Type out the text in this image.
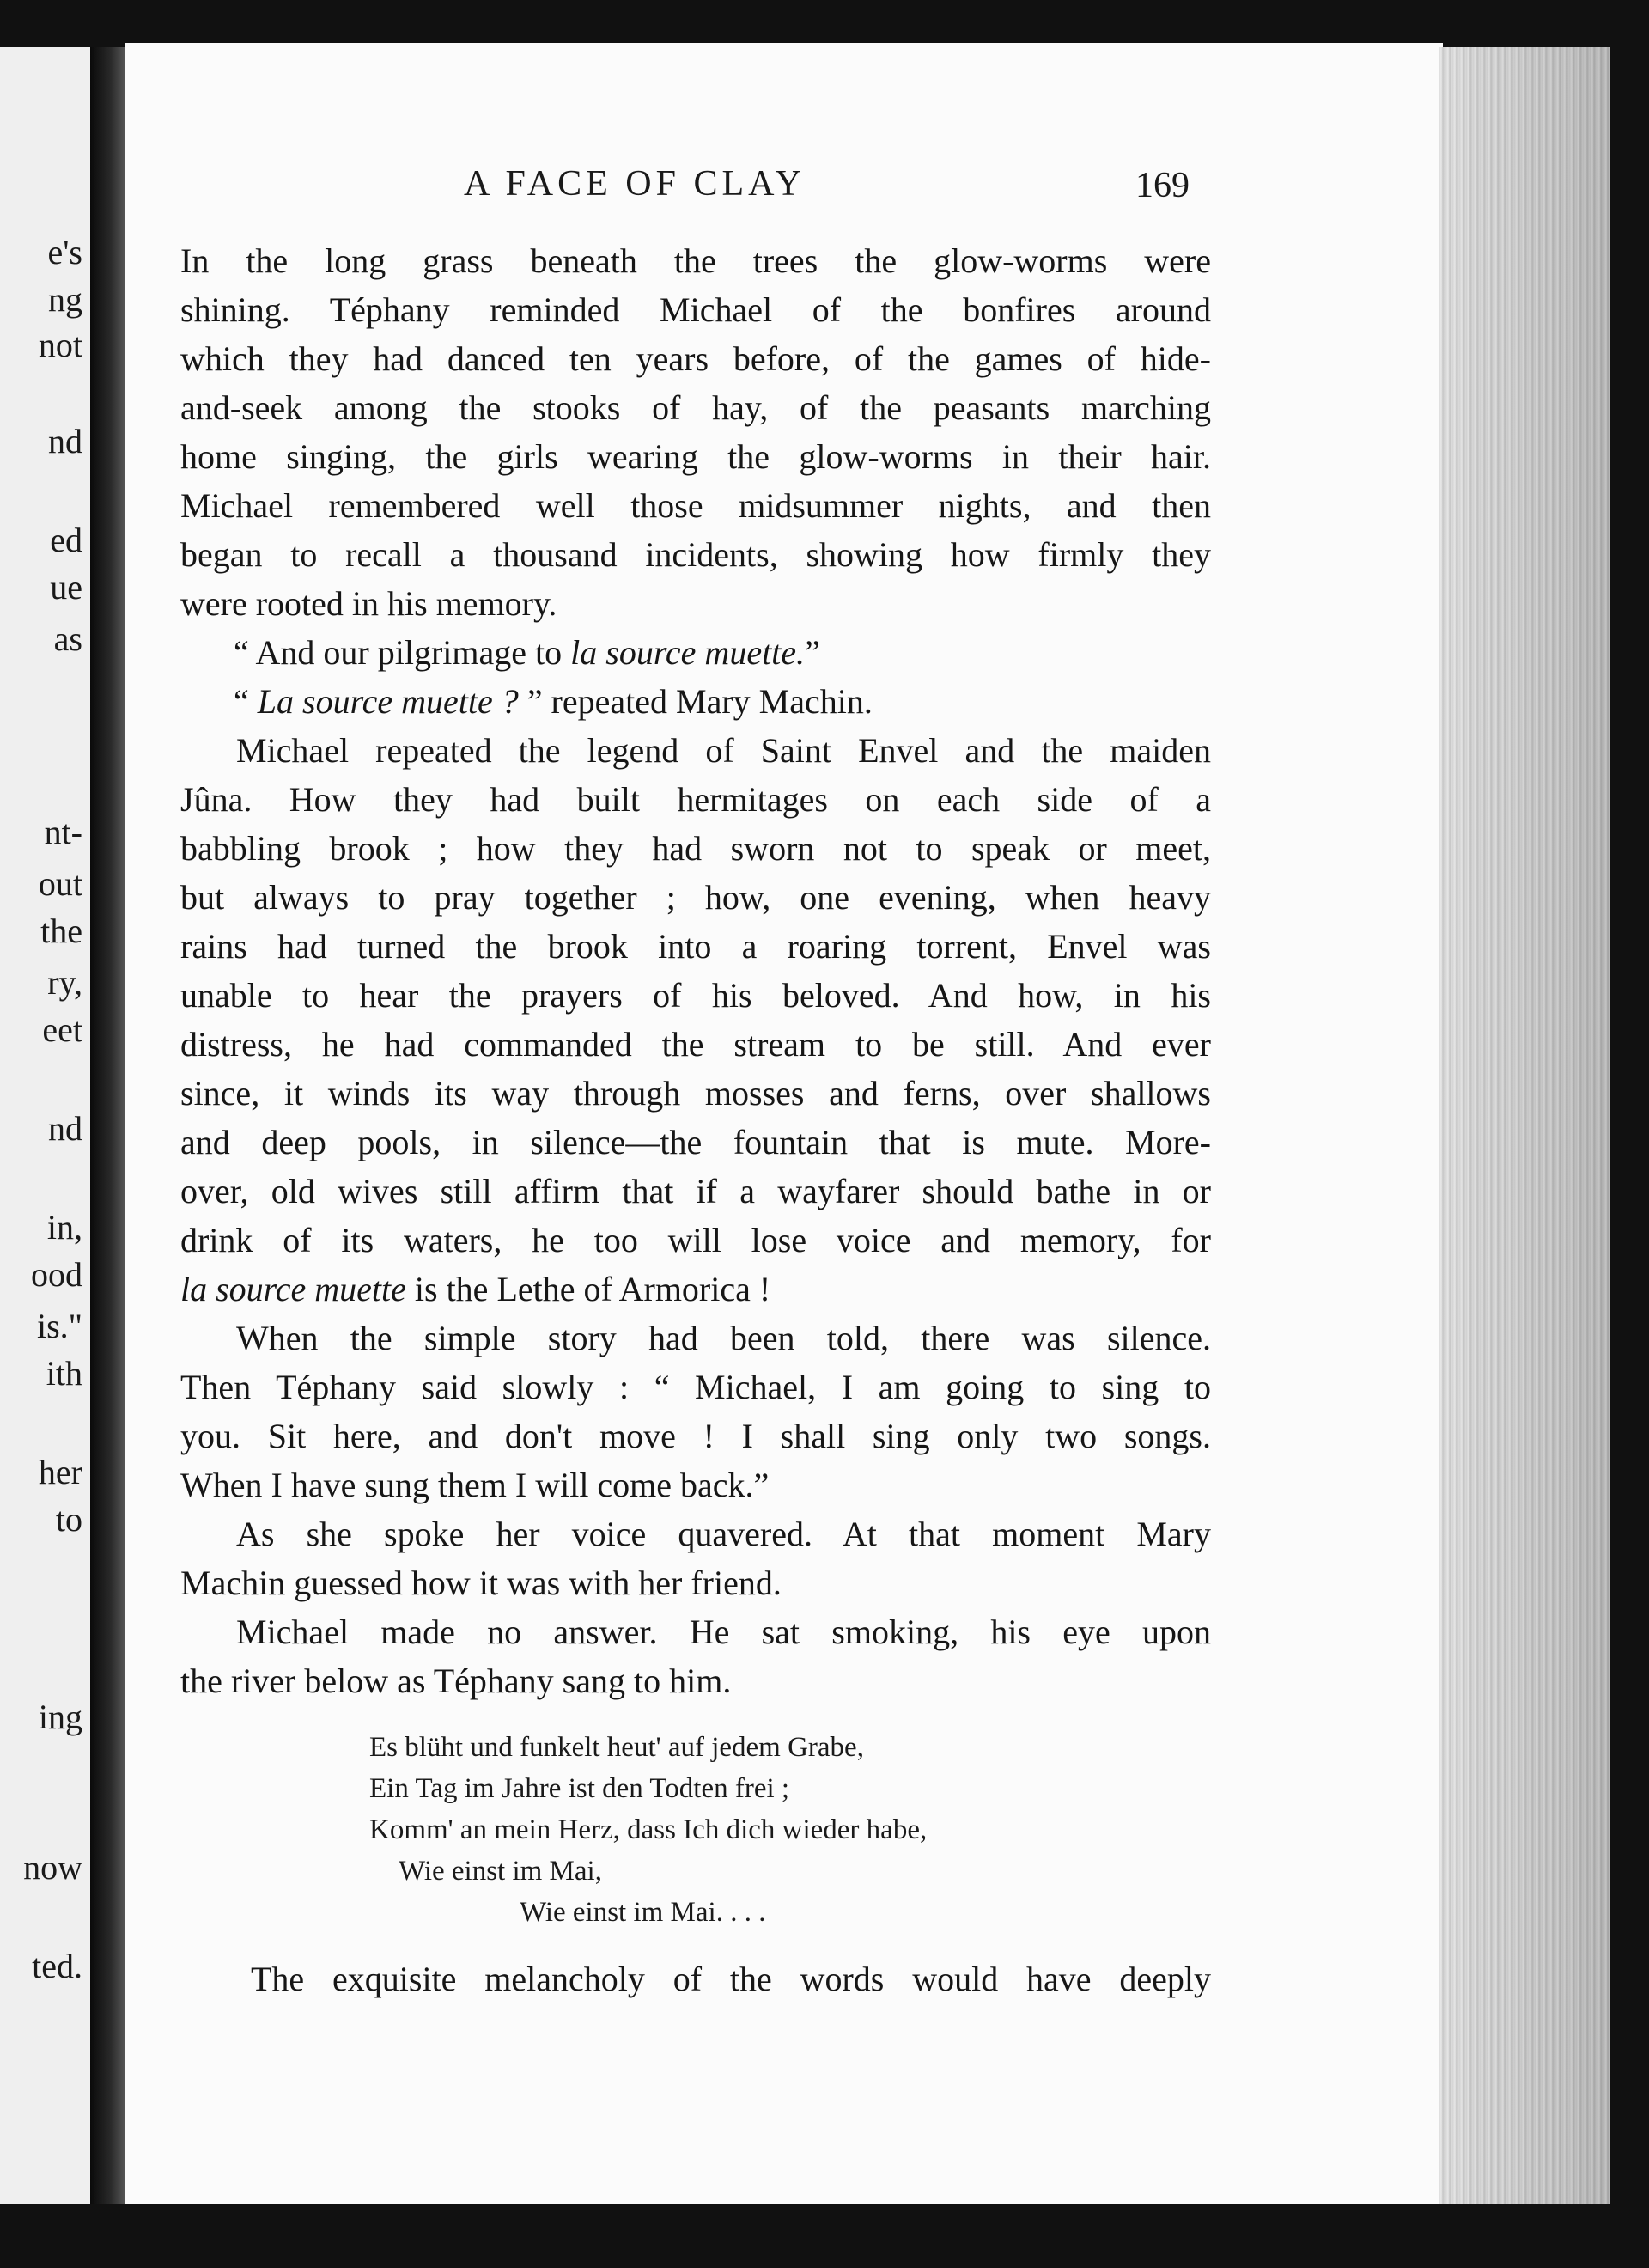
e's
ng
not
nd
ed
ue
as
nt-
out
the
ry,
eet
nd
in,
ood
is."
ith
her
to
ing
now
ted.
A FACE OF CLAY	169
In the long grass beneath the trees the glow-worms were
shining. Téphany reminded Michael of the bonfires around
which they had danced ten years before, of the games of hide-
and-seek among the stooks of hay, of the peasants marching
home singing, the girls wearing the glow-worms in their hair.
Michael remembered well those midsummer nights, and then
began to recall a thousand incidents, showing how firmly they
were rooted in his memory.
“ And our pilgrimage to la source muette.”
“ La source muette ? ” repeated Mary Machin.
Michael repeated the legend of Saint Envel and the maiden
Jûna. How they had built hermitages on each side of a
babbling brook ; how they had sworn not to speak or meet,
but always to pray together ; how, one evening, when heavy
rains had turned the brook into a roaring torrent, Envel was
unable to hear the prayers of his beloved. And how, in his
distress, he had commanded the stream to be still. And ever
since, it winds its way through mosses and ferns, over shallows
and deep pools, in silence—the fountain that is mute. More-
over, old wives still affirm that if a wayfarer should bathe in or
drink of its waters, he too will lose voice and memory, for
la source muette is the Lethe of Armorica !
When the simple story had been told, there was silence.
Then Téphany said slowly : “ Michael, I am going to sing to
you. Sit here, and don't move ! I shall sing only two songs.
When I have sung them I will come back.”
As she spoke her voice quavered. At that moment Mary
Machin guessed how it was with her friend.
Michael made no answer. He sat smoking, his eye upon
the river below as Téphany sang to him.
Es blüht und funkelt heut' auf jedem Grabe,
Ein Tag im Jahre ist den Todten frei ;
Komm' an mein Herz, dass Ich dich wieder habe,
Wie einst im Mai,
Wie einst im Mai. . . .
The exquisite melancholy of the words would have deeply
